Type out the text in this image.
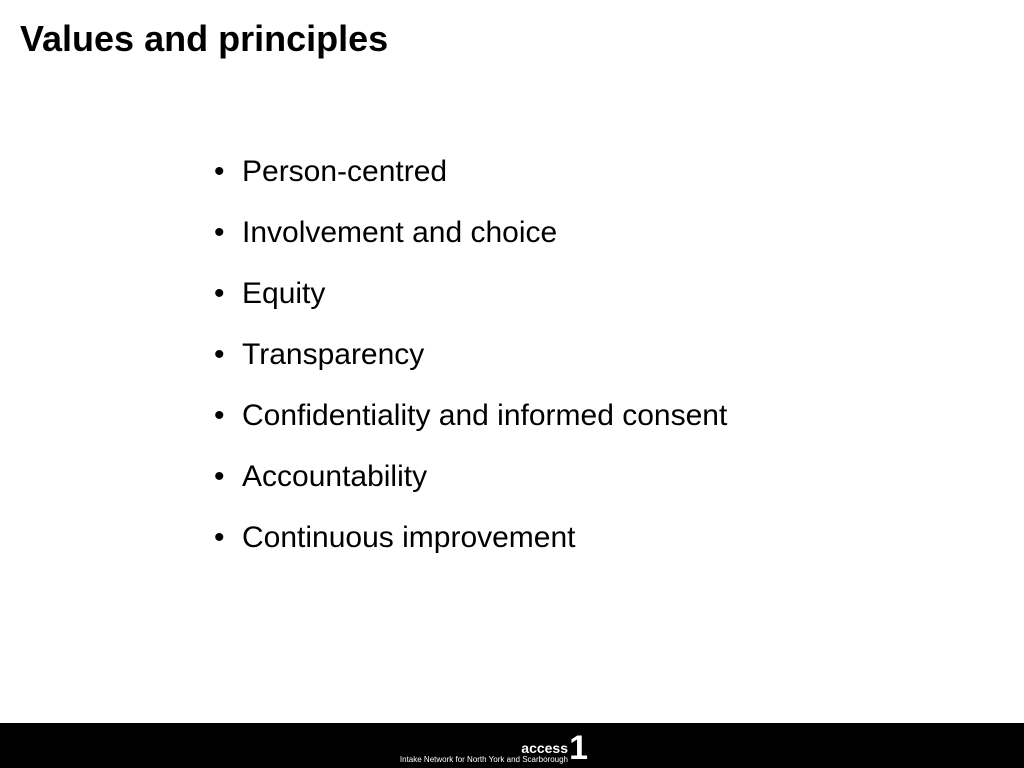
Values and principles
• Person-centred
• Involvement and choice
• Equity
• Transparency
• Confidentiality and informed consent
• Accountability
• Continuous improvement
access 1
Intake Network for North York and Scarborough
